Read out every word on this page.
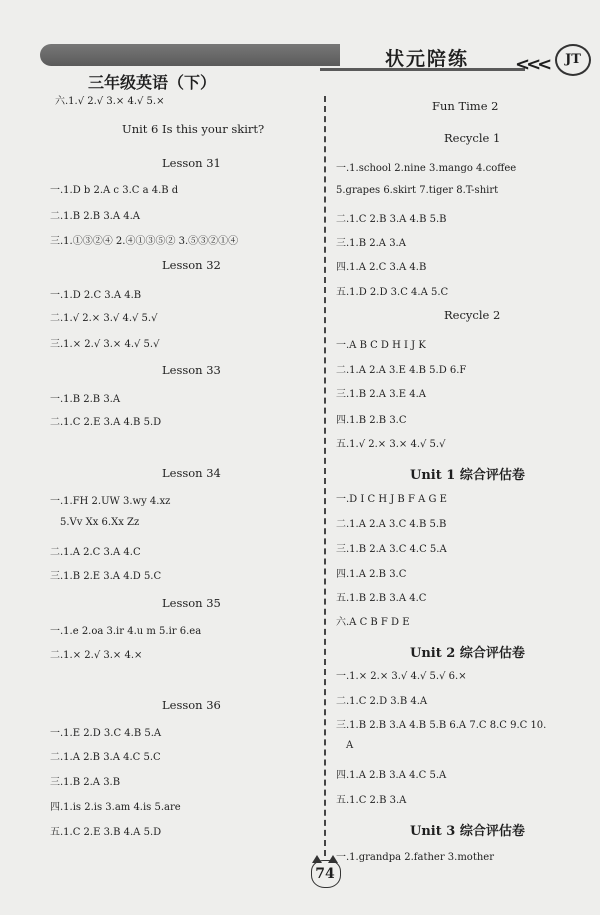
三年级英语（下）
状元陪练	<<<	JT
六.1.√ 2.√ 3.× 4.√ 5.×
Unit 6 Is this your skirt?
Lesson 31
一.1.D b 2.A c 3.C a 4.B d
二.1.B 2.B 3.A 4.A
三.1.①③②④ 2.④①③⑤② 3.⑤③②①④
Lesson 32
一.1.D 2.C 3.A 4.B
二.1.√ 2.× 3.√ 4.√ 5.√
三.1.× 2.√ 3.× 4.√ 5.√
Lesson 33
一.1.B 2.B 3.A
二.1.C 2.E 3.A 4.B 5.D
Lesson 34
一.1.FH 2.UW 3.wy 4.xz
5.Vv Xx 6.Xx Zz
二.1.A 2.C 3.A 4.C
三.1.B 2.E 3.A 4.D 5.C
Lesson 35
一.1.e 2.oa 3.ir 4.u m 5.ir 6.ea
二.1.× 2.√ 3.× 4.×
Lesson 36
一.1.E 2.D 3.C 4.B 5.A
二.1.A 2.B 3.A 4.C 5.C
三.1.B 2.A 3.B
四.1.is 2.is 3.am 4.is 5.are
五.1.C 2.E 3.B 4.A 5.D
Fun Time 2
Recycle 1
一.1.school 2.nine 3.mango 4.coffee
5.grapes 6.skirt 7.tiger 8.T-shirt
二.1.C 2.B 3.A 4.B 5.B
三.1.B 2.A 3.A
四.1.A 2.C 3.A 4.B
五.1.D 2.D 3.C 4.A 5.C
Recycle 2
一.A B C D H I J K
二.1.A 2.A 3.E 4.B 5.D 6.F
三.1.B 2.A 3.E 4.A
四.1.B 2.B 3.C
五.1.√ 2.× 3.× 4.√ 5.√
Unit 1 综合评估卷
一.D I C H J B F A G E
二.1.A 2.A 3.C 4.B 5.B
三.1.B 2.A 3.C 4.C 5.A
四.1.A 2.B 3.C
五.1.B 2.B 3.A 4.C
六.A C B F D E
Unit 2 综合评估卷
一.1.× 2.× 3.√ 4.√ 5.√ 6.×
二.1.C 2.D 3.B 4.A
三.1.B 2.B 3.A 4.B 5.B 6.A 7.C 8.C 9.C 10.
A
四.1.A 2.B 3.A 4.C 5.A
五.1.C 2.B 3.A
Unit 3 综合评估卷
一.1.grandpa 2.father 3.mother
74
